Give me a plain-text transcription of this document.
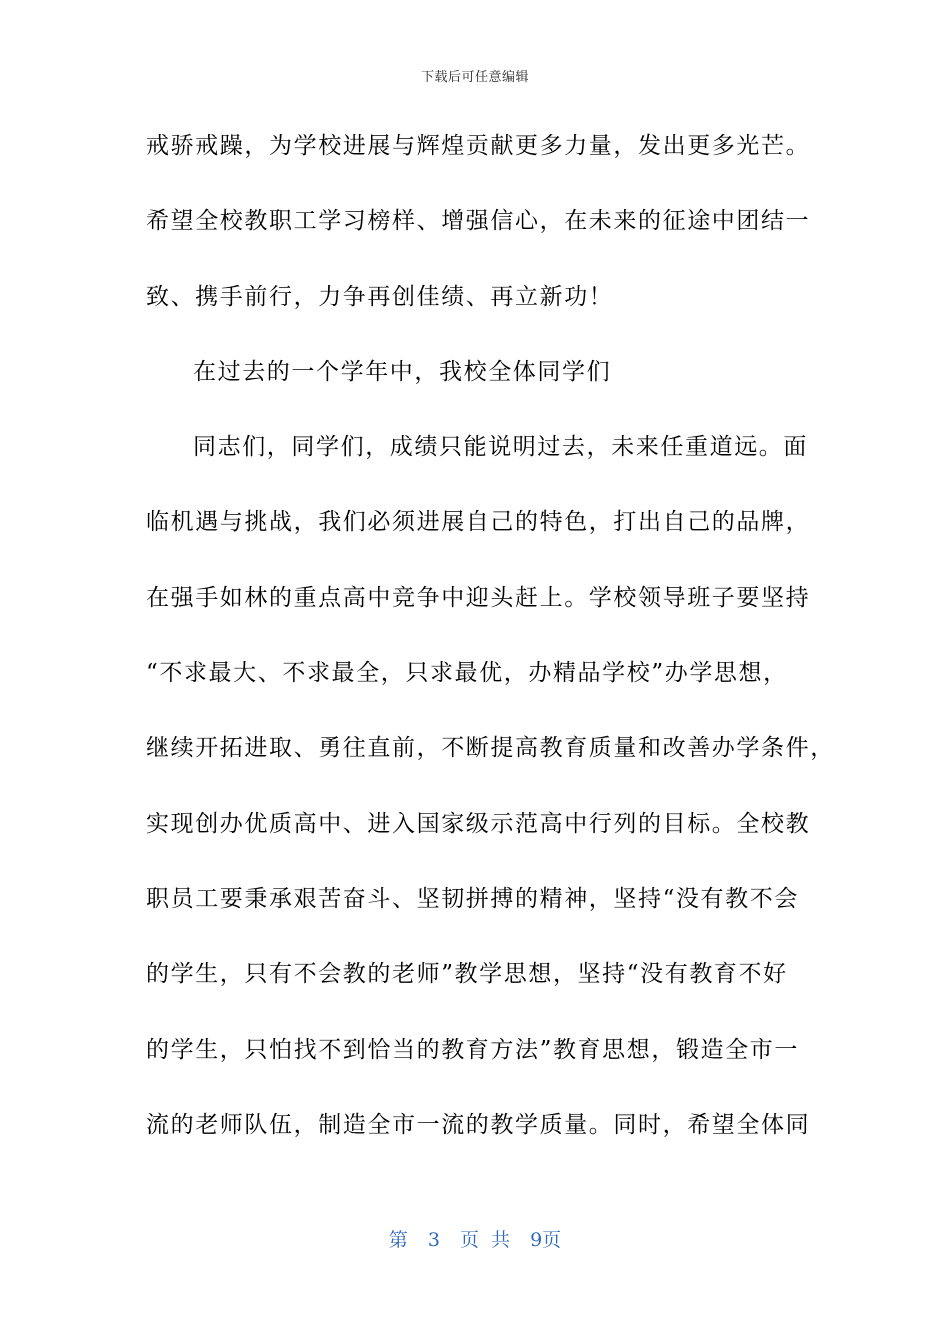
下载后可任意编辑
戒骄戒躁，为学校进展与辉煌贡献更多力量，发出更多光芒。
希望全校教职工学习榜样、增强信心，在未来的征途中团结一
致、携手前行，力争再创佳绩、再立新功！
在过去的一个学年中，我校全体同学们
同志们，同学们，成绩只能说明过去，未来任重道远。面
临机遇与挑战，我们必须进展自己的特色，打出自己的品牌，
在强手如林的重点高中竞争中迎头赶上。学校领导班子要坚持
“不求最大、不求最全，只求最优，办精品学校”办学思想，
继续开拓进取、勇往直前，不断提高教育质量和改善办学条件，
实现创办优质高中、进入国家级示范高中行列的目标。全校教
职员工要秉承艰苦奋斗、坚韧拼搏的精神，坚持“没有教不会
的学生，只有不会教的老师”教学思想，坚持“没有教育不好
的学生，只怕找不到恰当的教育方法”教育思想，锻造全市一
流的老师队伍，制造全市一流的教学质量。同时，希望全体同
第 3 页 共 9页
